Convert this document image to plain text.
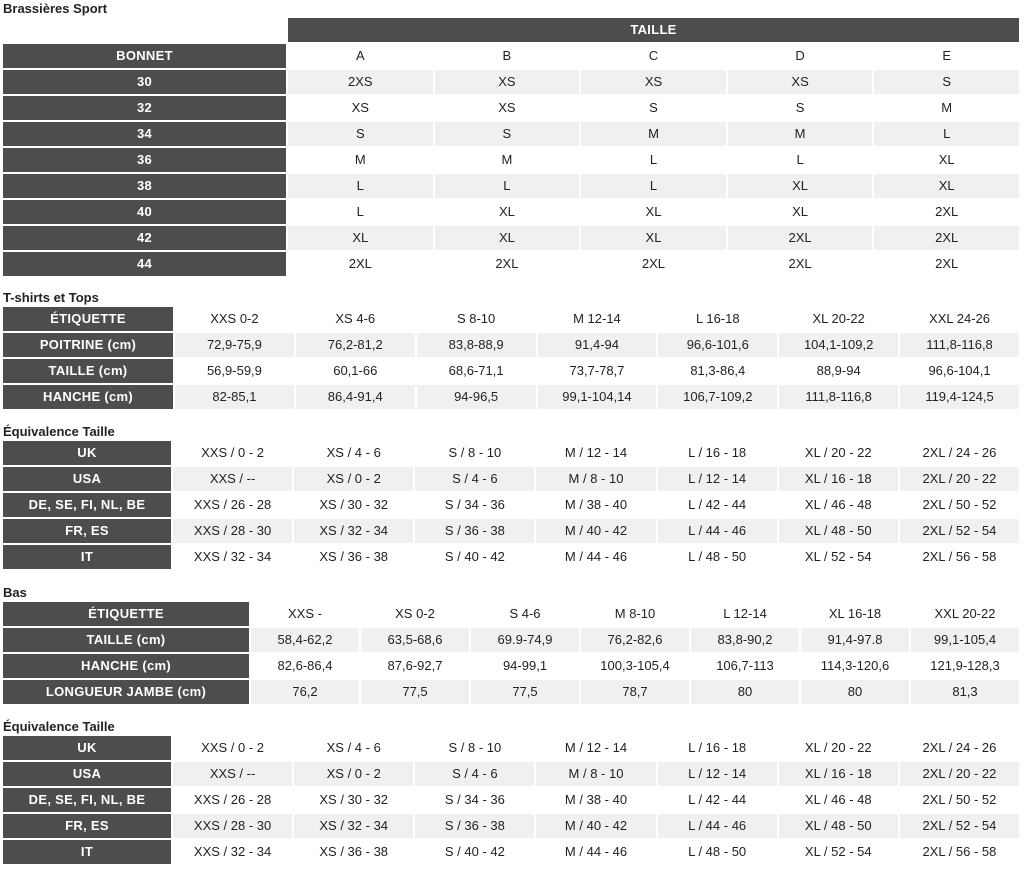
Brassières Sport
	TAILLE				
BONNET	A	B	C	D	E
30	2XS	XS	XS	XS	S
32	XS	XS	S	S	M
34	S	S	M	M	L
36	M	M	L	L	XL
38	L	L	L	XL	XL
40	L	XL	XL	XL	2XL
42	XL	XL	XL	2XL	2XL
44	2XL	2XL	2XL	2XL	2XL
T-shirts et Tops
ÉTIQUETTE	XXS 0-2	XS 4-6	S 8-10	M 12-14	L 16-18	XL 20-22	XXL 24-26
POITRINE (cm)	72,9-75,9	76,2-81,2	83,8-88,9	91,4-94	96,6-101,6	104,1-109,2	111,8-116,8
TAILLE (cm)	56,9-59,9	60,1-66	68,6-71,1	73,7-78,7	81,3-86,4	88,9-94	96,6-104,1
HANCHE (cm)	82-85,1	86,4-91,4	94-96,5	99,1-104,14	106,7-109,2	111,8-116,8	119,4-124,5
Équivalence Taille
UK	XXS / 0 - 2	XS / 4 - 6	S / 8 - 10	M / 12 - 14	L / 16 - 18	XL / 20 - 22	2XL / 24 - 26
USA	XXS / --	XS / 0 - 2	S / 4 - 6	M / 8 - 10	L / 12 - 14	XL / 16 - 18	2XL / 20 - 22
DE, SE, FI, NL, BE	XXS / 26 - 28	XS / 30 - 32	S / 34 - 36	M / 38 - 40	L / 42 - 44	XL / 46 - 48	2XL / 50 - 52
FR, ES	XXS / 28 - 30	XS / 32 - 34	S / 36 - 38	M / 40 - 42	L / 44 - 46	XL / 48 - 50	2XL / 52 - 54
IT	XXS / 32 - 34	XS / 36 - 38	S / 40 - 42	M / 44 - 46	L / 48 - 50	XL / 52 - 54	2XL / 56 - 58
Bas
ÉTIQUETTE	XXS -	XS 0-2	S 4-6	M 8-10	L 12-14	XL 16-18	XXL 20-22
TAILLE (cm)	58,4-62,2	63,5-68,6	69.9-74,9	76,2-82,6	83,8-90,2	91,4-97.8	99,1-105,4
HANCHE (cm)	82,6-86,4	87,6-92,7	94-99,1	100,3-105,4	106,7-113	114,3-120,6	121,9-128,3
LONGUEUR JAMBE (cm)	76,2	77,5	77,5	78,7	80	80	81,3
Équivalence Taille
UK	XXS / 0 - 2	XS / 4 - 6	S / 8 - 10	M / 12 - 14	L / 16 - 18	XL / 20 - 22	2XL / 24 - 26
USA	XXS / --	XS / 0 - 2	S / 4 - 6	M / 8 - 10	L / 12 - 14	XL / 16 - 18	2XL / 20 - 22
DE, SE, FI, NL, BE	XXS / 26 - 28	XS / 30 - 32	S / 34 - 36	M / 38 - 40	L / 42 - 44	XL / 46 - 48	2XL / 50 - 52
FR, ES	XXS / 28 - 30	XS / 32 - 34	S / 36 - 38	M / 40 - 42	L / 44 - 46	XL / 48 - 50	2XL / 52 - 54
IT	XXS / 32 - 34	XS / 36 - 38	S / 40 - 42	M / 44 - 46	L / 48 - 50	XL / 52 - 54	2XL / 56 - 58
